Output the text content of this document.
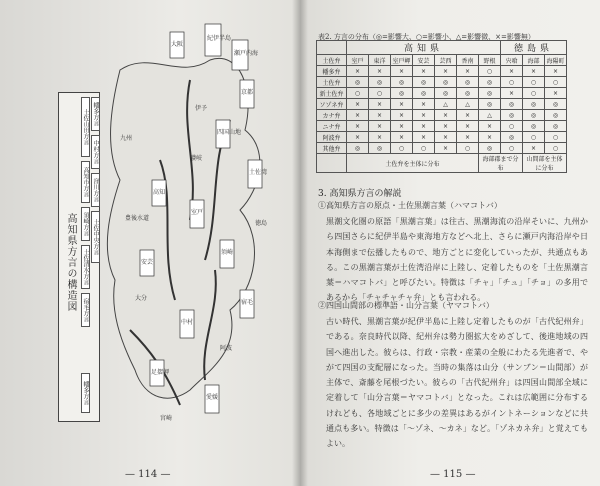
紀伊半島
瀬戸内海
大阪
京都
四国山地
土佐湾
高知
室戸
安芸
須崎
中村
宿毛
足摺岬
愛媛
徳島
九州
豊後水道
大分
宮崎
伊予
阿波
讃岐
高知県方言の構造図
土佐山田方言
高知市方言
須崎方言
土佐清水方言
宿毛方言
幡多方言
中村方言
窪川方言
土佐中央方言
幡多方言
— 114 —
表2. 方言の分布（◎=影響大、○=影響小、△=影響微、×=影響無）
	高知県							徳島県		
土佐弁	室戸	東洋	室戸岬	安芸	芸西	香南	野根	宍喰	海部	海陽町
幡多弁	×	×	×	×	×	×	○	×	×	×
土佐弁	◎	◎	◎	◎	◎	◎	◎	○	○	○
新土佐弁	○	○	◎	◎	◎	◎	◎	×	○	×
ソゾネ弁	×	×	×	×	△	△	◎	◎	◎	◎
カナ弁	×	×	×	×	×	×	△	◎	◎	◎
ニナ弁	×	×	×	×	×	×	×	○	◎	◎
阿波弁	×	×	×	×	×	×	×	◎	○	○
其他弁	◎	◎	○	○	×	○	◎	○	×	○
	土佐弁を主体に分布						海部郡まで分布		山間部を主体に分布	
3. 高知県方言の解説
①高知県方言の原点・土佐黒潮言葉（ハマコトバ）
黒潮文化圏の原語「黒潮言葉」は往古、黒潮海流の沿岸そいに、九州から四国さらに紀伊半島や東海地方などへ北上、さらに瀬戸内海沿岸や日本海側まで伝播したもので、地方ごとに変化していったが、共通点もある。この黒潮言葉が土佐湾沿岸に上陸し、定着したものを「土佐黒潮言葉＝ハマコトバ」と呼びたい。特徴は「チャ」「チュ」「チョ」の多用であるから「チャチャチャ弁」とも言われる。
②四国山間部の標準語・山分言葉（ヤマコトバ）
古い時代、黒潮言葉が紀伊半島に上陸し定着したものが「古代紀州弁」である。奈良時代以降、紀州弁は勢力圏拡大をめざして、後進地域の四国へ進出した。彼らは、行政・宗教・産業の全般にわたる先進者で、やがて四国の支配層になった。当時の集落は山分（サンブン＝山間部）が主体で、斎藤を尾根づたい。彼らの「古代紀州弁」は四国山間部全域に定着して「山分言葉＝ヤマコトバ」となった。これは広範囲に分布するけれども、各地域ごとに多少の差異はあるがイントネーションなどに共通点も多い。特徴は「〜ゾネ、〜カネ」など。「ゾネカネ弁」と覚えてもよい。
— 115 —
